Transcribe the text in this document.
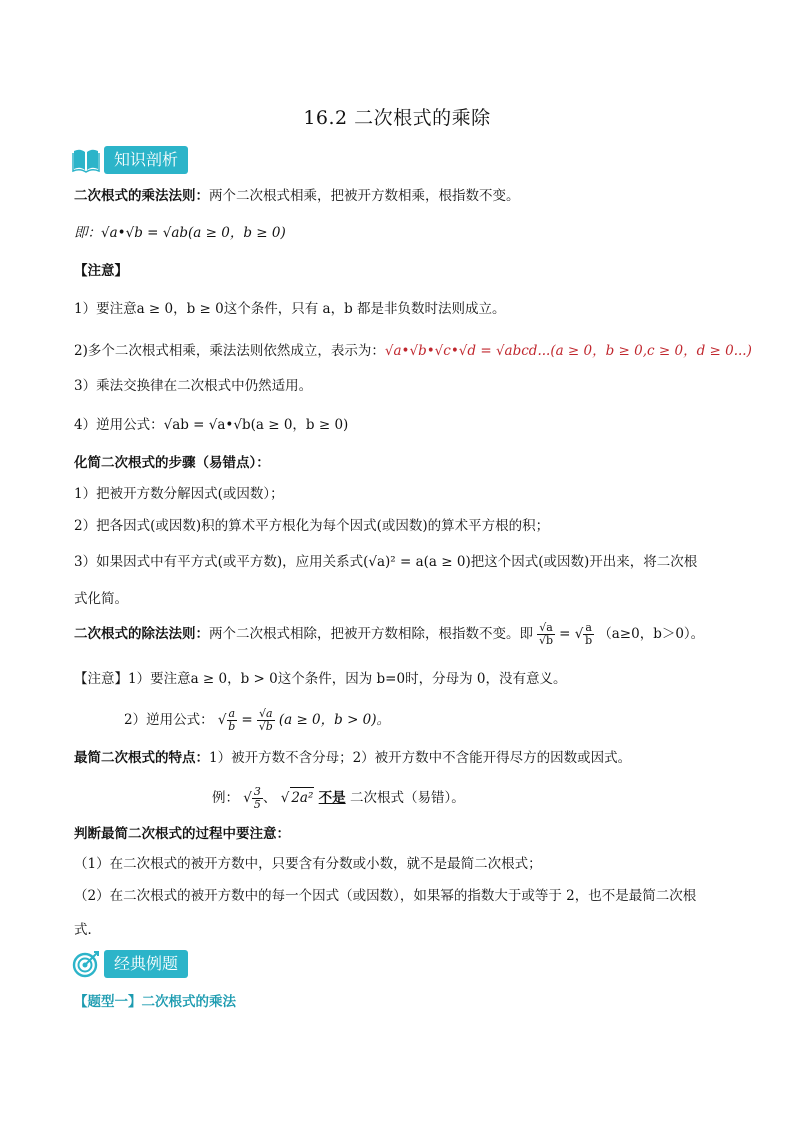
16.2 二次根式的乘除
知识剖析
二次根式的乘法法则：两个二次根式相乘，把被开方数相乘，根指数不变。
即：√a•√b = √ab(a ≥ 0，b ≥ 0)
【注意】
1）要注意a ≥ 0，b ≥ 0这个条件，只有 a，b 都是非负数时法则成立。
2)多个二次根式相乘，乘法法则依然成立，表示为：√a•√b•√c•√d = √abcd...(a ≥ 0，b ≥ 0,c ≥ 0，d ≥ 0...)
3）乘法交换律在二次根式中仍然适用。
4）逆用公式：√ab = √a•√b(a ≥ 0，b ≥ 0)
化简二次根式的步骤（易错点）：
1）把被开方数分解因式(或因数）；
2）把各因式(或因数)积的算术平方根化为每个因式(或因数)的算术平方根的积；
3）如果因式中有平方式(或平方数)，应用关系式(√a)² = a(a ≥ 0)把这个因式(或因数)开出来，将二次根
式化简。
二次根式的除法法则：两个二次根式相除，把被开方数相除，根指数不变。即 $\frac{√a}{√b}$ = √ $\frac{a}{b} (a\ge 0$，b＞0）。
【注意】1）要注意a ≥ 0，b > 0这个条件，因为 b=0时，分母为 0，没有意义。
2）逆用公式： √ $\frac{a}{b} = \frac{√a}{√b} (a \ge 0$，b > 0)。
最简二次根式的特点：1）被开方数不含分母；2）被开方数中不含能开得尽方的因数或因式。
例： √ $\frac{3}{5}$ 、 √ 2a² 不是 二次根式（易错）。
判断最简二次根式的过程中要注意：
（1）在二次根式的被开方数中，只要含有分数或小数，就不是最简二次根式；
（2）在二次根式的被开方数中的每一个因式（或因数），如果幂的指数大于或等于 2，也不是最简二次根
式．
经典例题
【题型一】二次根式的乘法
